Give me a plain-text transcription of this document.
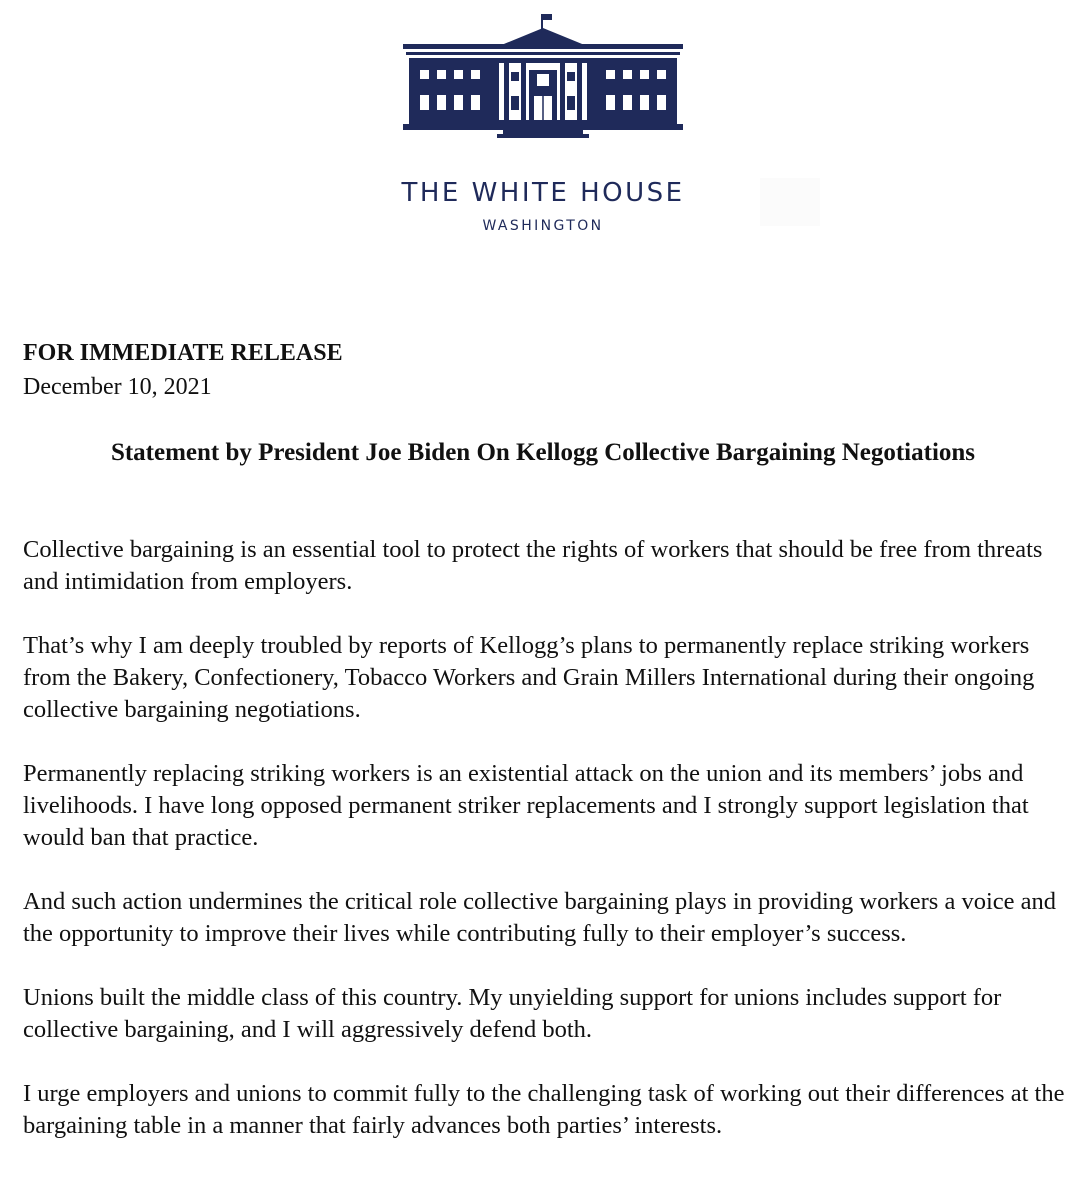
THE WHITE HOUSE
WASHINGTON
FOR IMMEDIATE RELEASE
December 10, 2021
Statement by President Joe Biden On Kellogg Collective Bargaining Negotiations

Collective bargaining is an essential tool to protect the rights of workers that should be free from threats and intimidation from employers.

That’s why I am deeply troubled by reports of Kellogg’s plans to permanently replace striking workers from the Bakery, Confectionery, Tobacco Workers and Grain Millers International during their ongoing collective bargaining negotiations.

Permanently replacing striking workers is an existential attack on the union and its members’ jobs and livelihoods. I have long opposed permanent striker replacements and I strongly support legislation that would ban that practice.

And such action undermines the critical role collective bargaining plays in providing workers a voice and the opportunity to improve their lives while contributing fully to their employer’s success.

Unions built the middle class of this country. My unyielding support for unions includes support for collective bargaining, and I will aggressively defend both.

I urge employers and unions to commit fully to the challenging task of working out their differences at the bargaining table in a manner that fairly advances both parties’ interests.
